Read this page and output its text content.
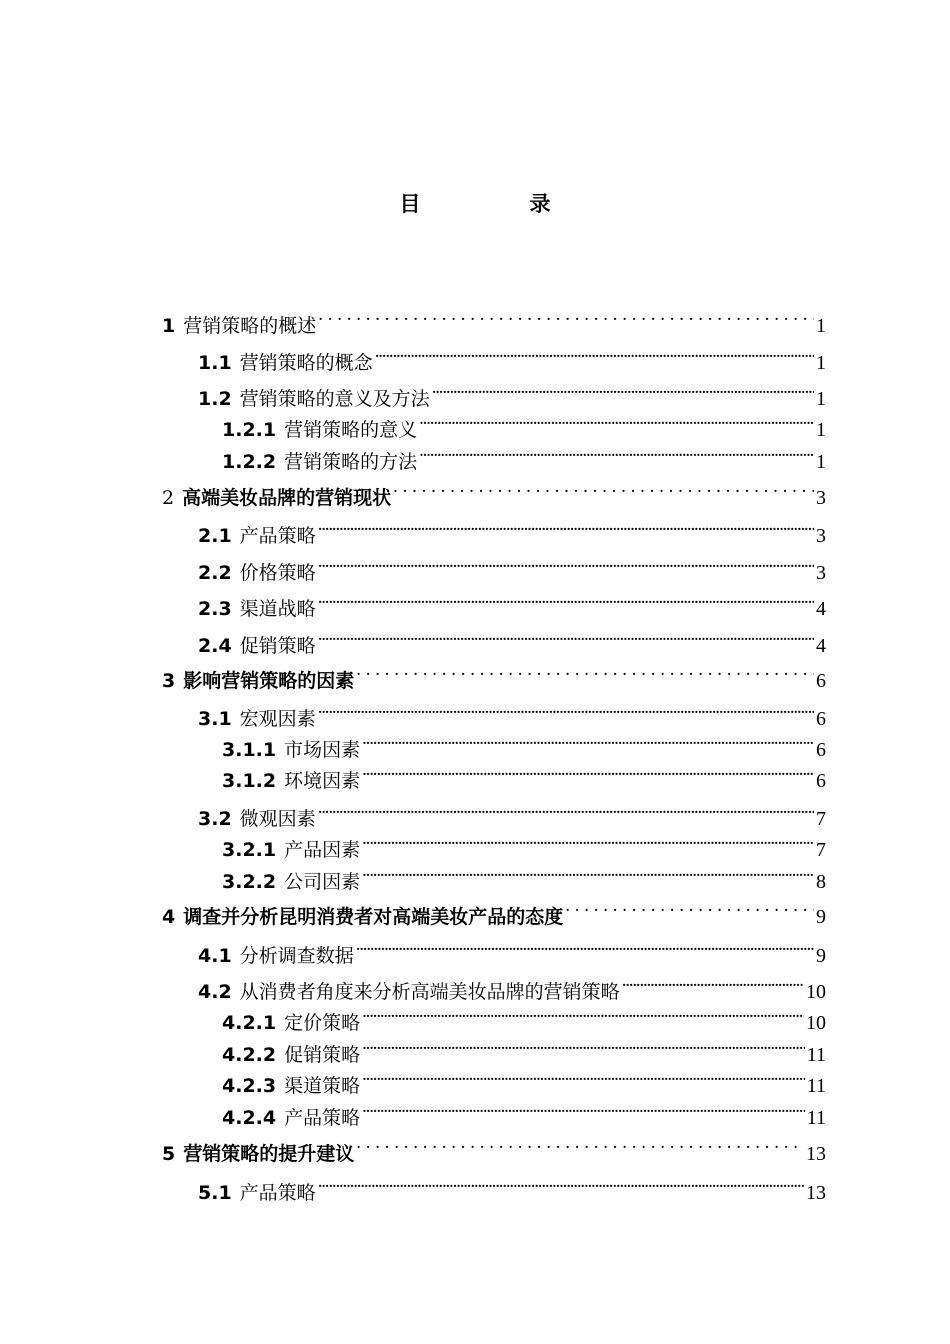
目　录
1 营销策略的概述 . . .	1
1.1 营销策略的概念 .....	1
1.2 营销策略的意义及方法 .....	1
1.2.1 营销策略的意义 .....	1
1.2.2 营销策略的方法 .....	1
2 高端美妆品牌的营销现状 . . .	3
2.1 产品策略 .....	3
2.2 价格策略 .....	3
2.3 渠道战略 .....	4
2.4 促销策略 .....	4
3 影响营销策略的因素 . . .	6
3.1 宏观因素 .....	6
3.1.1 市场因素 .....	6
3.1.2 环境因素 .....	6
3.2 微观因素 .....	7
3.2.1 产品因素 .....	7
3.2.2 公司因素 .....	8
4 调查并分析昆明消费者对高端美妆产品的态度 . . .	9
4.1 分析调查数据 .....	9
4.2 从消费者角度来分析高端美妆品牌的营销策略 .....	10
4.2.1 定价策略 .....	10
4.2.2 促销策略 .....	11
4.2.3 渠道策略 .....	11
4.2.4 产品策略 .....	11
5 营销策略的提升建议 . . .	13
5.1 产品策略 .....	13
